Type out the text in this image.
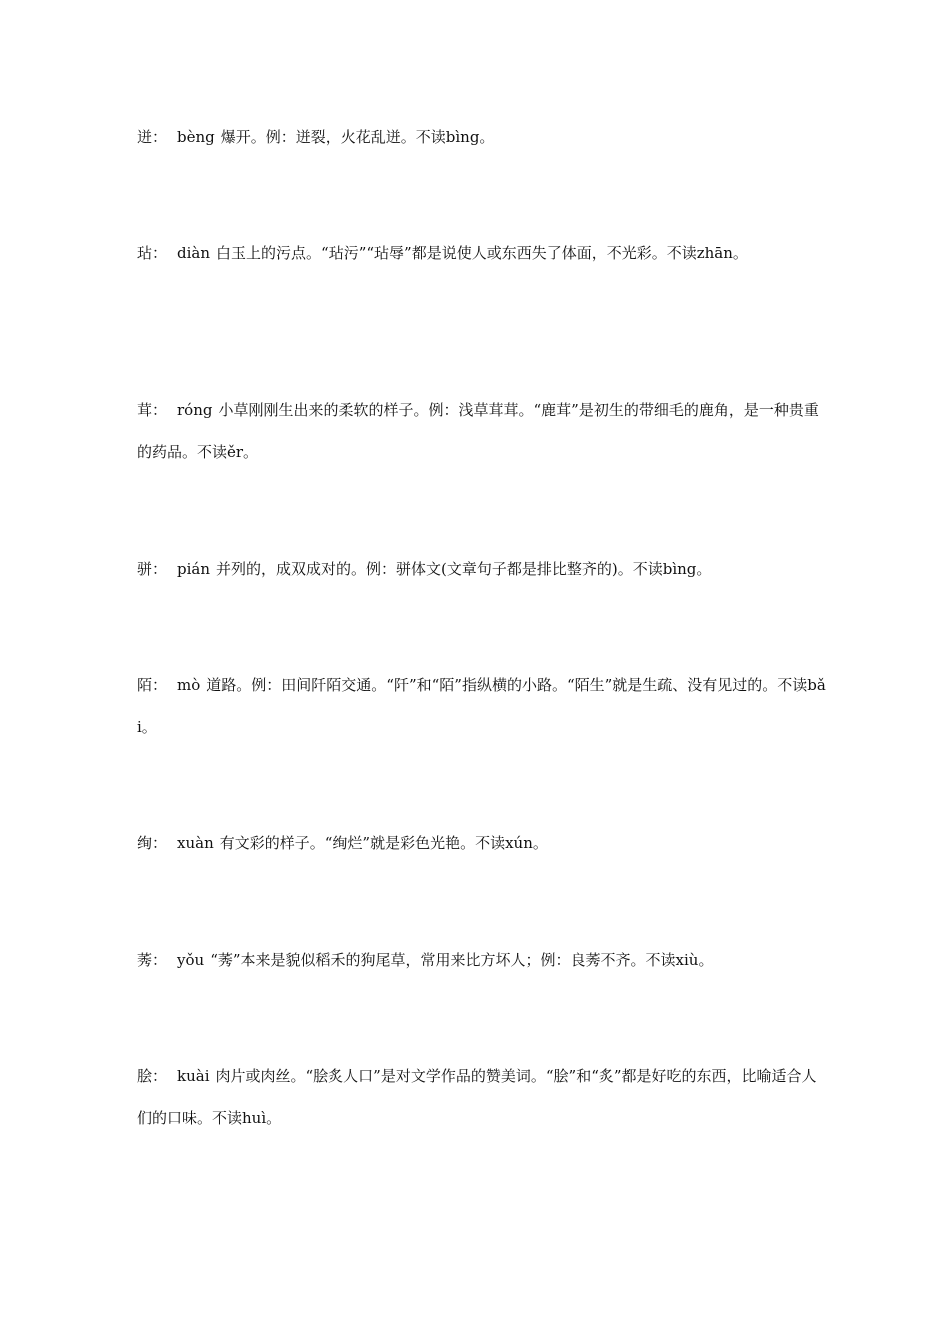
迸： bèng 爆开。例：迸裂，火花乱迸。不读bìng。
玷： diàn 白玉上的污点。“玷污”“玷辱”都是说使人或东西失了体面，不光彩。不读zhān。
茸： róng 小草刚刚生出来的柔软的样子。例：浅草茸茸。“鹿茸”是初生的带细毛的鹿角，是一种贵重的药品。不读ěr。
骈： pián 并列的，成双成对的。例：骈体文(文章句子都是排比整齐的)。不读bìng。
陌： mò 道路。例：田间阡陌交通。“阡”和“陌”指纵横的小路。“陌生”就是生疏、没有见过的。不读bǎi。
绚： xuàn 有文彩的样子。“绚烂”就是彩色光艳。不读xún。
莠： yǒu “莠”本来是貌似稻禾的狗尾草，常用来比方坏人；例：良莠不齐。不读xiù。
脍： kuài 肉片或肉丝。“脍炙人口”是对文学作品的赞美词。“脍”和“炙”都是好吃的东西，比喻适合人们的口味。不读huì。
